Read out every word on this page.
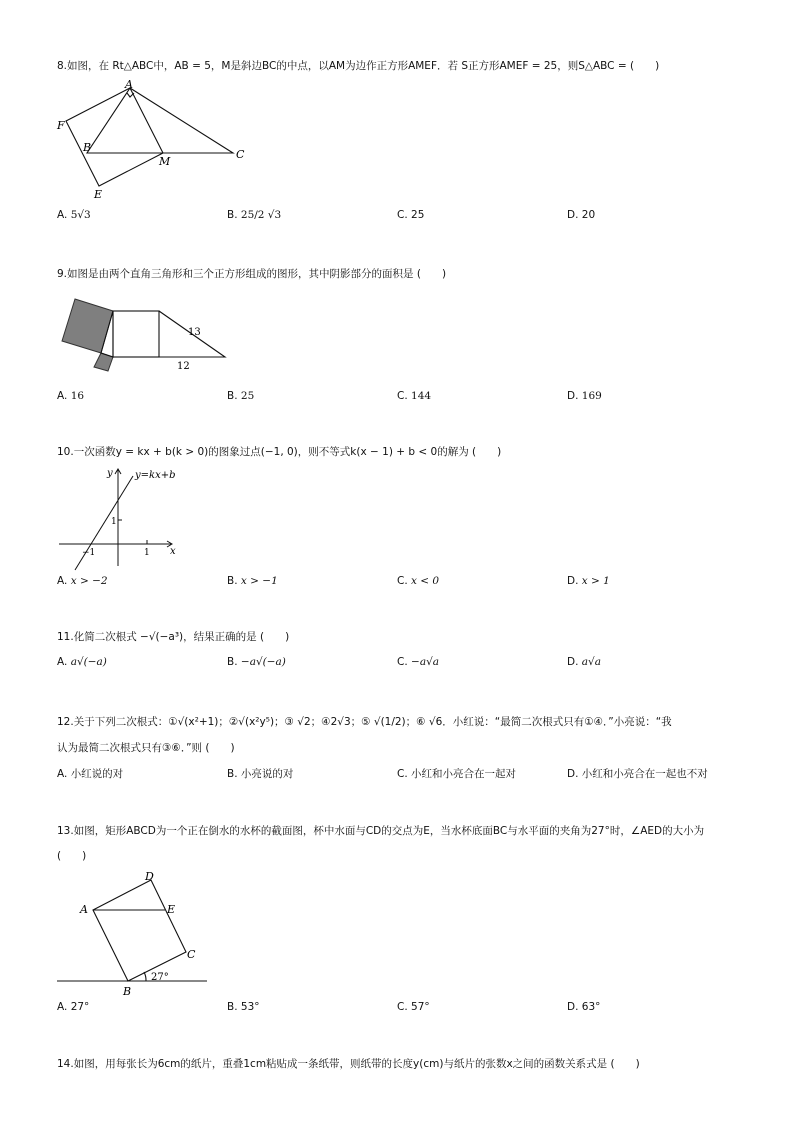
8.如图，在 Rt△ABC中，AB = 5，M是斜边BC的中点，以AM为边作正方形AMEF．若 S正方形AMEF = 25，则S△ABC = (　　)
A
F
B
M
C
E
A. 5√3	B. 25/2 √3	C. 25	D. 20
9.如图是由两个直角三角形和三个正方形组成的图形，其中阴影部分的面积是 (　　)
13
12
A. 16	B. 25	C. 144	D. 169
10.一次函数y = kx + b(k > 0)的图象过点(−1, 0)，则不等式k(x − 1) + b < 0的解为 (　　)
y y=kx+b
1
1
−1	x
A. x > −2	B. x > −1	C. x < 0	D. x > 1
11.化简二次根式 −√(−a³)，结果正确的是 (　　)
A. a√(−a)	B. −a√(−a)	C. −a√a	D. a√a
12.关于下列二次根式：①√(x²+1)；②√(x²y⁵)；③ √2；④2√3；⑤ √(1/2)；⑥ √6．小红说：“最简二次根式只有①④．”小亮说：“我
认为最简二次根式只有③⑥．”则 (　　)
A. 小红说的对	B. 小亮说的对	C. 小红和小亮合在一起对	D. 小红和小亮合在一起也不对
13.如图，矩形ABCD为一个正在倒水的水杯的截面图，杯中水面与CD的交点为E，当水杯底面BC与水平面的夹角为27°时，∠AED的大小为
(　　)
D
A	E
C
B
27°
A. 27°	B. 53°	C. 57°	D. 63°
14.如图，用每张长为6cm的纸片，重叠1cm粘贴成一条纸带，则纸带的长度y(cm)与纸片的张数x之间的函数关系式是 (　　)
